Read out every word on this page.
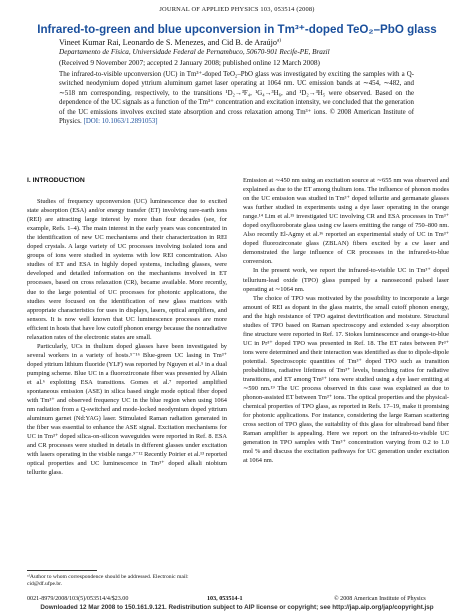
JOURNAL OF APPLIED PHYSICS 103, 053514 (2008)
Infrared-to-green and blue upconversion in Tm³⁺-doped TeO₂–PbO glass
Vineet Kumar Rai, Leonardo de S. Menezes, and Cid B. de Araújo$^{a)}$
Departamento de Física, Universidade Federal de Pernambuco, 50670-901 Recife-PE, Brazil
(Received 9 November 2007; accepted 2 January 2008; published online 12 March 2008)
The infrared-to-visible upconversion (UC) in Tm³⁺-doped TeO₂–PbO glass was investigated by exciting the samples with a Q-switched neodymium doped yttrium aluminum garnet laser operating at 1064 nm. UC emission bands at ∼454, ∼482, and ∼518 nm corresponding, respectively, to the transitions ¹D₂→³F₄, ¹G₄→³H₆, and ¹D₂→³H₅ were observed. Based on the dependence of the UC signals as a function of the Tm³⁺ concentration and excitation intensity, we concluded that the generation of the UC emissions involves excited state absorption and cross relaxation among Tm³⁺ ions. © 2008 American Institute of Physics. [DOI: 10.1063/1.2891053]

I. INTRODUCTION

Studies of frequency upconversion (UC) luminescence due to excited state absorption (ESA) and/or energy transfer (ET) involving rare-earth ions (REI) are attracting large interest by more than four decades (see, for example, Refs. 1–4). The main interest in the early years was concentrated in the identification of new UC mechanisms and their characterization in REI doped crystals. A large variety of UC processes involving isolated ions and groups of ions were studied in systems with low REI concentration. Also studies of ET and ESA in highly doped systems, including glasses, were developed and detailed information on the mechanisms involved in ET processes, based on cross relaxation (CR), became available. More recently, due to the large potential of UC processes for photonic applications, the studies were focused on the identification of new glass matrices with appropriate characteristics for uses in displays, lasers, optical amplifiers, and sensors. It is now well known that UC luminescence processes are more efficient in hosts that have low cutoff phonon energy because the nonradiative relaxation rates of the electronic states are small.

Particularly, UCs in thulium doped glasses have been investigated by several workers in a variety of hosts.⁵⁻¹⁶ Blue-green UC lasing in Tm³⁺ doped yttrium lithium fluoride (YLF) was reported by Nguyen et al.⁵ in a dual pumping scheme. Blue UC in a fluorozirconate fiber was presented by Allain et al.⁶ exploiting ESA transitions. Gomes et al.⁷ reported amplified spontaneous emission (ASE) in silica based single mode optical fiber doped with Tm³⁺ and observed frequency UC in the blue region when using 1064 nm radiation from a Q-switched and mode-locked neodymium doped yttrium aluminum garnet (Nd:YAG) laser. Stimulated Raman radiation generated in the fiber was essential to enhance the ASE signal. Excitation mechanisms for UC in Tm³⁺ doped silica-on-silicon waveguides were reported in Ref. 8. ESA and CR processes were studied in details in different glasses under excitation with lasers operating in the visible range.⁹⁻¹² Recently Poirier et al.¹³ reported optical properties and UC luminescence in Tm³⁺ doped alkali niobium tellurite glass.

Emission at ∼450 nm using an excitation source at ∼655 nm was observed and explained as due to the ET among thulium ions. The influence of phonon modes on the UC emission was studied in Tm³⁺ doped tellurite and germanate glasses was further studied in experiments using a dye laser operating in the orange range.¹⁴ Lim et al.¹⁵ investigated UC involving CR and ESA processes in Tm³⁺ doped oxyfluoroborate glass using cw lasers emitting the range of 750–800 nm. Also recently El-Agmy et al.¹⁶ reported an experimental study of UC in Tm³⁺ doped fluorozirconate glass (ZBLAN) fibers excited by a cw laser and demonstrated the large influence of CR processes in the infrared-to-blue conversion.

In the present work, we report the infrared-to-visible UC in Tm³⁺ doped tellurium-lead oxide (TPO) glass pumped by a nanosecond pulsed laser operating at ∼1064 nm.

The choice of TPO was motivated by the possibility to incorporate a large amount of REI as dopant in the glass matrix, the small cutoff phonon energy, and the high resistance of TPO against devitrification and moisture. Structural studies of TPO based on Raman spectroscopy and extended x-ray absorption fine structure were reported in Ref. 17. Stokes luminescence and orange-to-blue UC in Pr³⁺ doped TPO was presented in Ref. 18. The ET rates between Pr³⁺ ions were determined and their interaction was identified as due to dipole-dipole potential. Spectroscopic quantities of Tm³⁺ doped TPO such as transition probabilities, radiative lifetimes of Tm³⁺ levels, branching ratios for radiative transitions, and ET among Tm³⁺ ions were studied using a dye laser emitting at ∼590 nm.¹⁹ The UC process observed in this case was explained as due to phonon-assisted ET between Tm³⁺ ions. The optical properties and the physical-chemical properties of TPO glass, as reported in Refs. 17–19, make it promising for photonic applications. For instance, considering the large Raman scattering cross section of TPO glass, the suitability of this glass for ultrabroad band fiber Raman amplifier is appealing. Here we report on the infrared-to-visible UC generation in TPO samples with Tm³⁺ concentration varying from 0.2 to 1.0 mol % and discuss the excitation pathways for UC generation under excitation at 1064 nm.

ᵃ⁾Author to whom correspondence should be addressed. Electronic mail: cid@df.ufpe.br.
0021-8979/2008/103(5)/053514/4/$23.00	103, 053514-1	© 2008 American Institute of Physics
Downloaded 12 Mar 2008 to 150.161.9.121. Redistribution subject to AIP license or copyright; see http://jap.aip.org/jap/copyright.jsp
